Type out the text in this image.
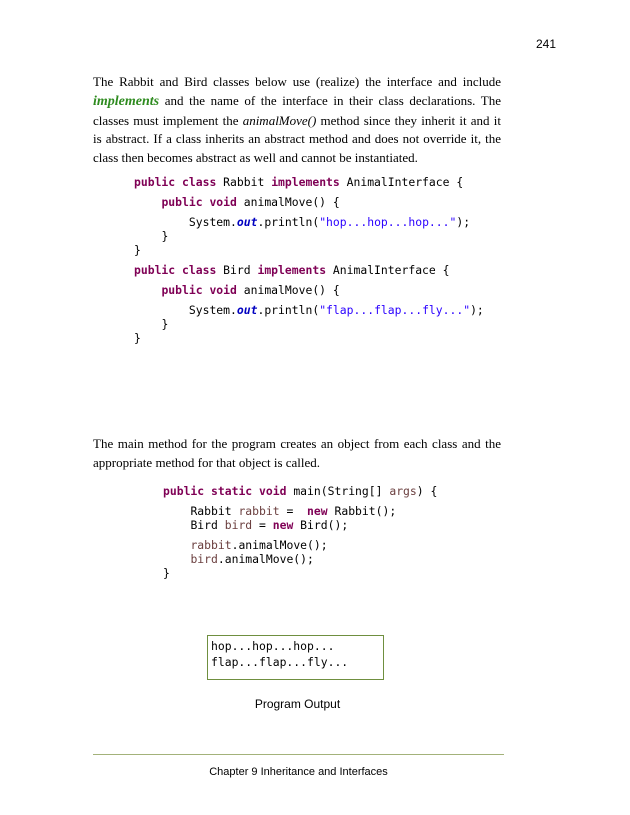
241

The Rabbit and Bird classes below use (realize) the interface and include implements and the name of the interface in their class declarations. The classes must implement the animalMove() method since they inherit it and it is abstract. If a class inherits an abstract method and does not override it, the class then becomes abstract as well and cannot be instantiated.

public class Rabbit implements AnimalInterface {

public void animalMove() {

System.out.println("hop...hop...hop...");
}
}

public class Bird implements AnimalInterface {

public void animalMove() {

System.out.println("flap...flap...fly...");
}
}

The main method for the program creates an object from each class and the appropriate method for that object is called.

public static void main(String[] args) {

Rabbit rabbit =  new Rabbit();
Bird bird = new Bird();

rabbit.animalMove();
bird.animalMove();
}
hop...hop...hop...
flap...flap...fly...
Program Output
Chapter 9 Inheritance and Interfaces
